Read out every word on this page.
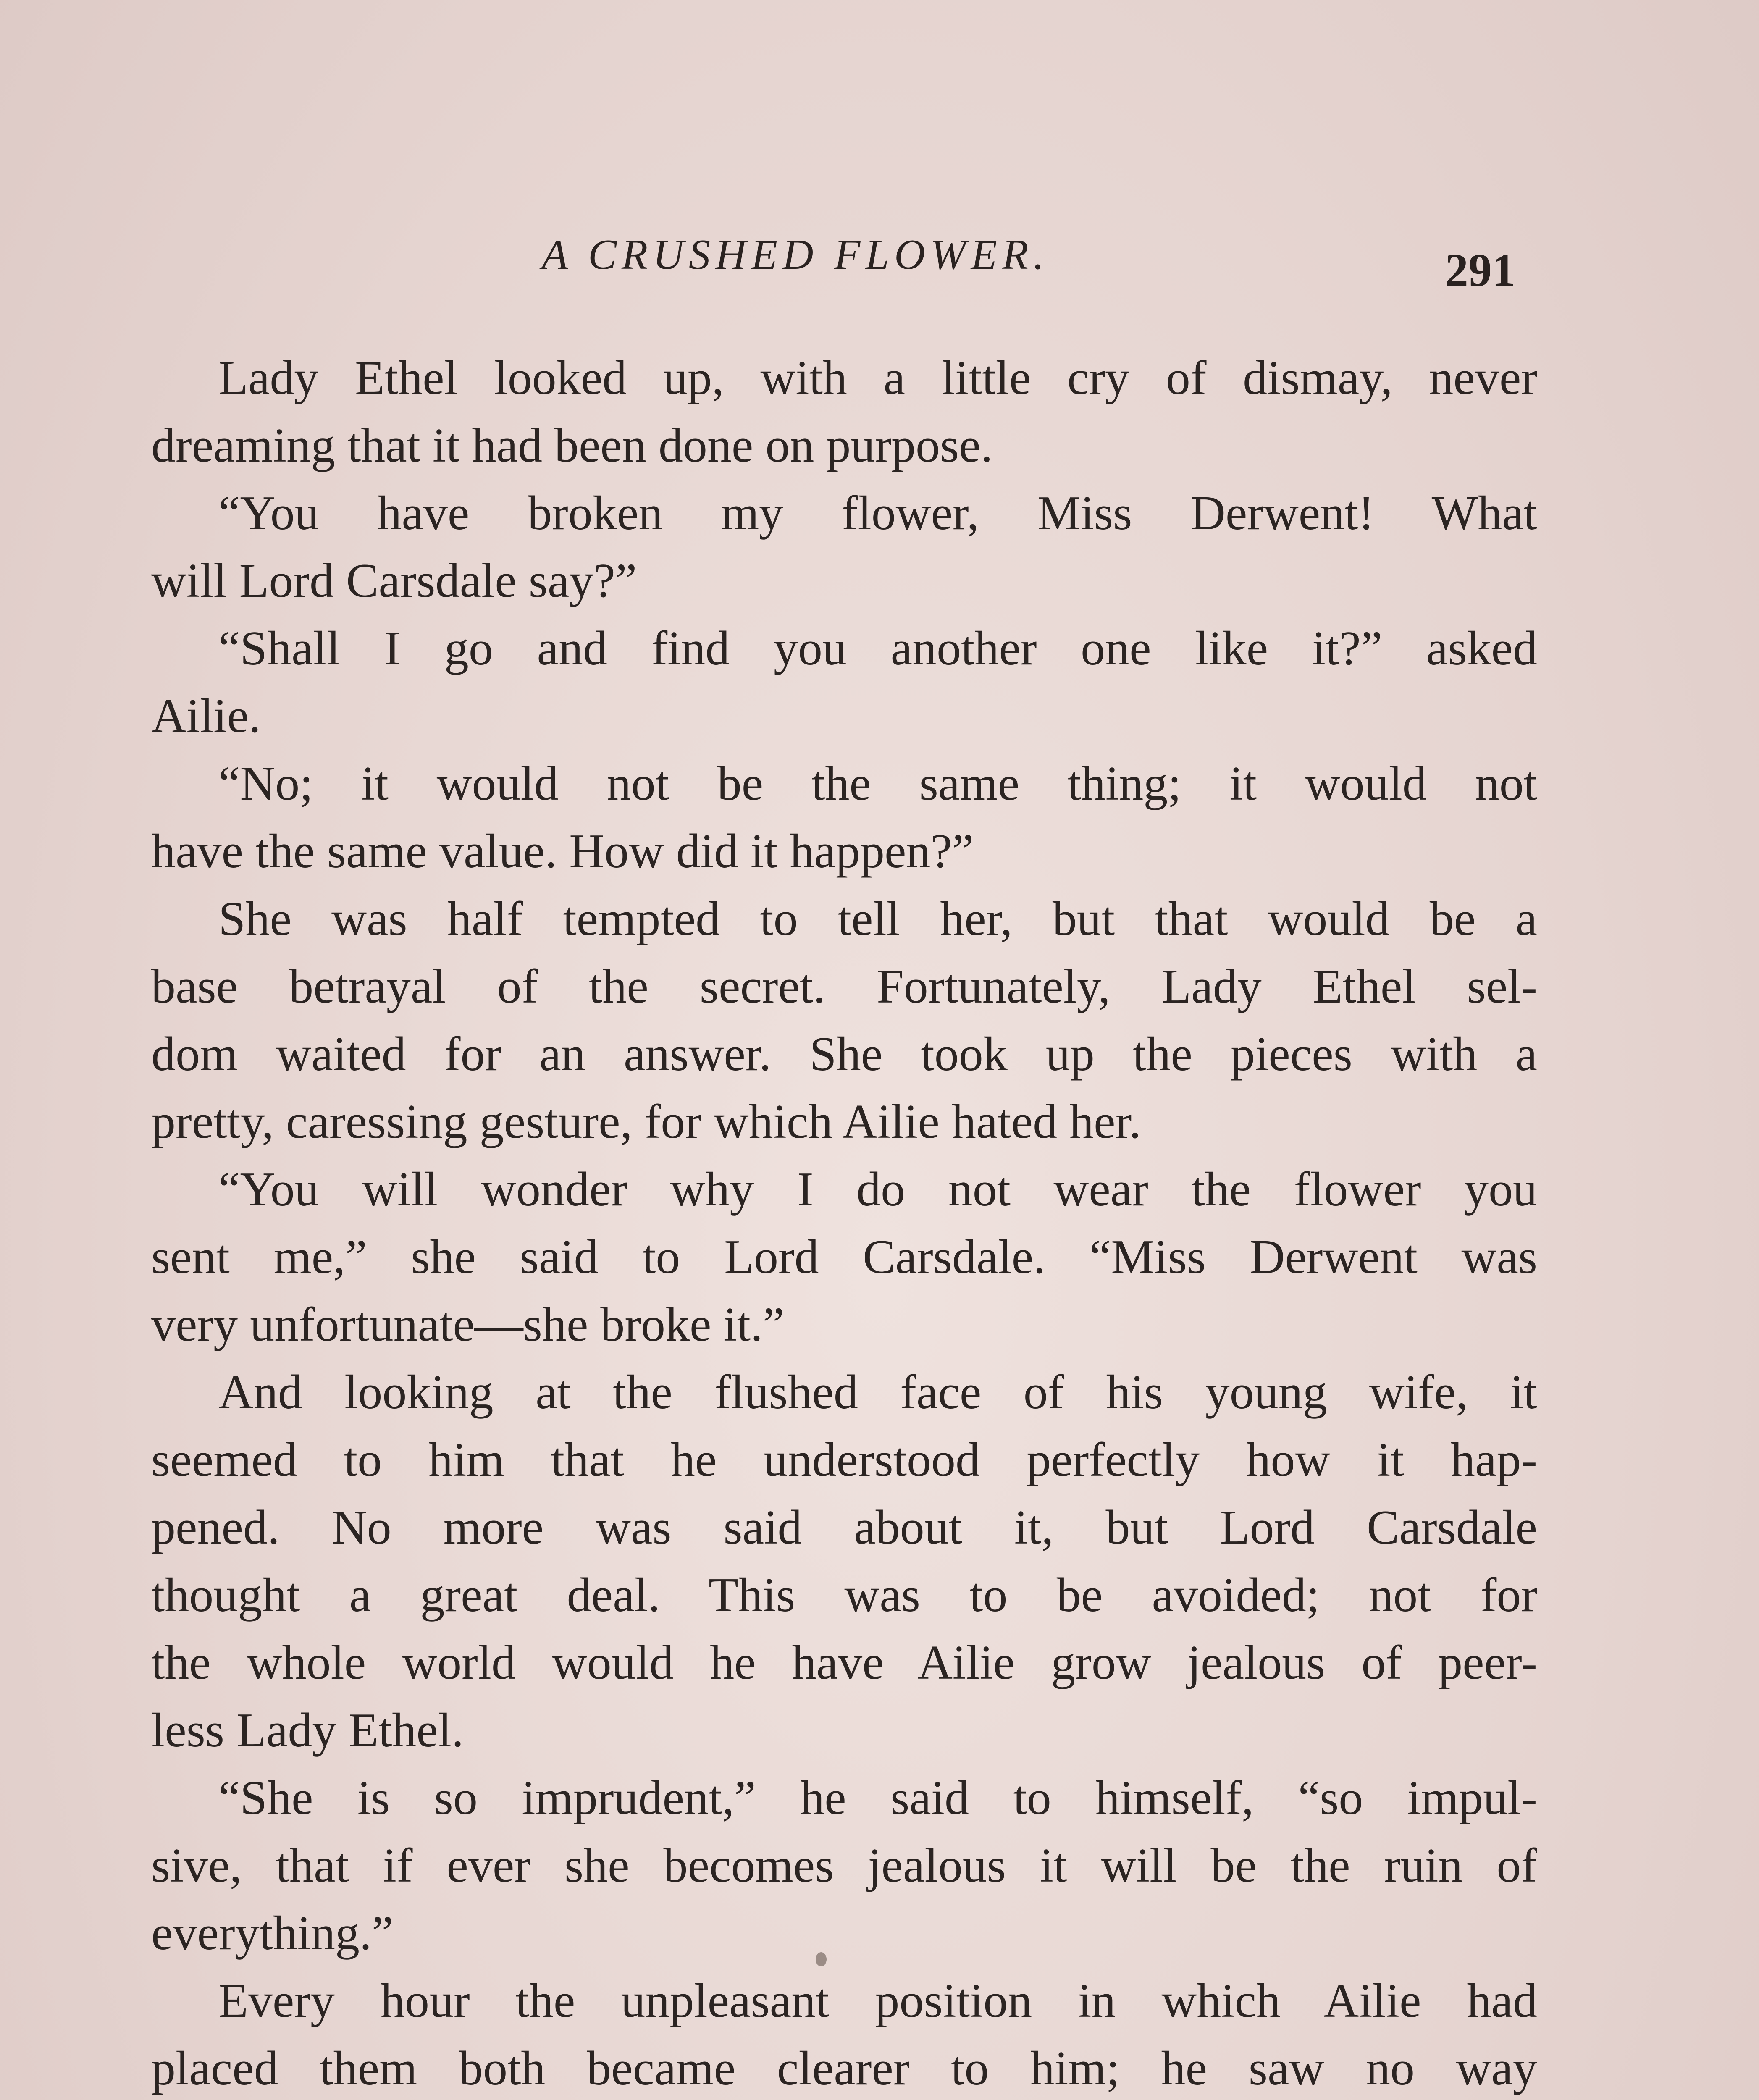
A CRUSHED FLOWER.	291
Lady Ethel looked up, with a little cry of dismay, never
dreaming that it had been done on purpose.
“You have broken my flower, Miss Derwent! What
will Lord Carsdale say?”
“Shall I go and find you another one like it?” asked
Ailie.
“No; it would not be the same thing; it would not
have the same value. How did it happen?”
She was half tempted to tell her, but that would be a
base betrayal of the secret. Fortunately, Lady Ethel sel-
dom waited for an answer. She took up the pieces with a
pretty, caressing gesture, for which Ailie hated her.
“You will wonder why I do not wear the flower you
sent me,” she said to Lord Carsdale. “Miss Derwent was
very unfortunate—she broke it.”
And looking at the flushed face of his young wife, it
seemed to him that he understood perfectly how it hap-
pened. No more was said about it, but Lord Carsdale
thought a great deal. This was to be avoided; not for
the whole world would he have Ailie grow jealous of peer-
less Lady Ethel.
“She is so imprudent,” he said to himself, “so impul-
sive, that if ever she becomes jealous it will be the ruin of
everything.”
Every hour the unpleasant position in which Ailie had
placed them both became clearer to him; he saw no way
